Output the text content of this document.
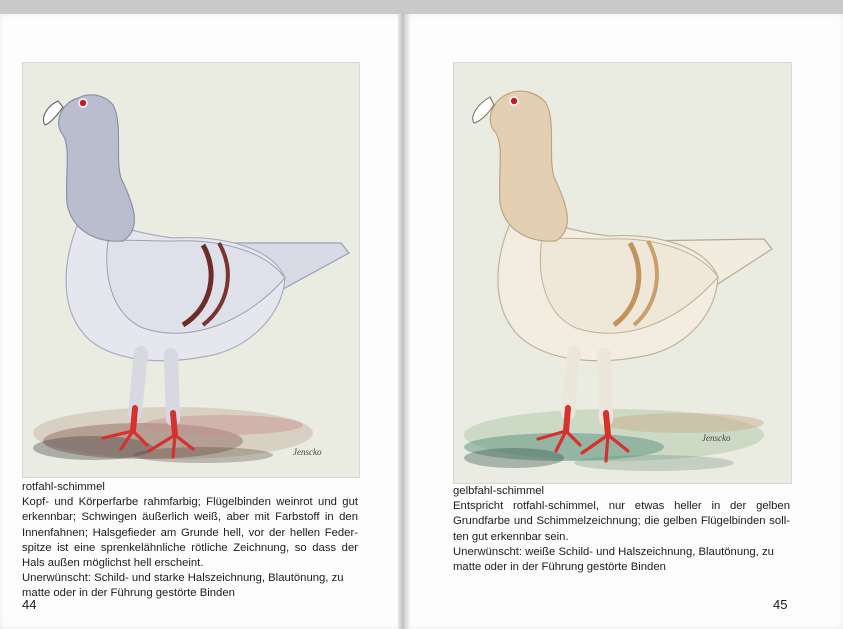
Jenscko
Jenscko

rotfahl-schimmel

Kopf- und Körperfarbe rahmfarbig; Flügelbinden weinrot und gut erkennbar; Schwingen äußerlich weiß, aber mit Farbstoff in den Innenfahnen; Halsgefieder am Grunde hell, vor der hellen Feder-spitze ist eine sprenkelähnliche rötliche Zeichnung, so dass der Hals außen möglichst hell erscheint.

Unerwünscht: Schild- und starke Halszeichnung, Blautönung, zu matte oder in der Führung gestörte Binden

44

gelbfahl-schimmel

Entspricht rotfahl-schimmel, nur etwas heller in der gelben Grundfarbe und Schimmelzeichnung; die gelben Flügelbinden soll-ten gut erkennbar sein.

Unerwünscht: weiße Schild- und Halszeichnung, Blautönung, zu matte oder in der Führung gestörte Binden

45
